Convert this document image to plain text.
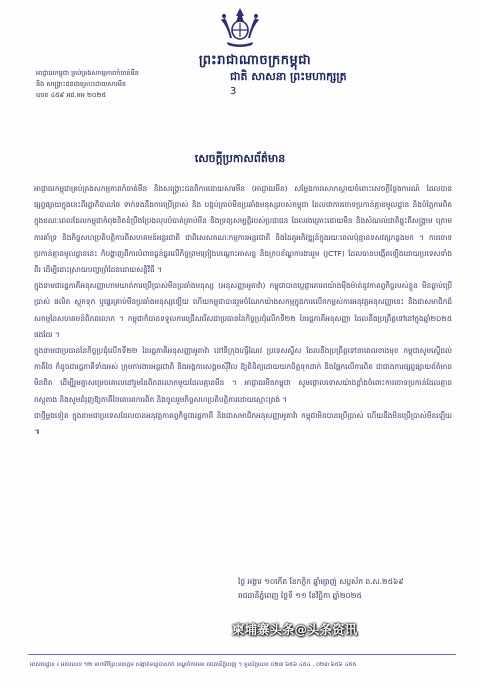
ព្រះរាជាណាចក្រកម្ពុជា
ជាតិ សាសនា ព្រះមហាក្សត្រ
3
អាជ្ញាធរកម្ពុជា គ្រប់គ្រងសកម្មភាពកំចាត់មីន
និង សង្គ្រោះជនរងគ្រោះដោយសារមីន
លេខ ៤៥៩ អជ.មអ ២០២៥
សេចក្ដីប្រកាសព័ត៌មាន

អាជ្ញាធរកម្ពុជាគ្រប់គ្រងសកម្មភាពកំចាត់មីន និងសង្គ្រោះជនពិការដោយសារមីន (អាជ្ញាធរមីន) សម្ដែងការសោកស្ដាយចំពោះសេចក្ដីថ្លែងការណ៍ ដែលបានផ្សព្វផ្សាយក្នុងនេះពីរដ្ឋាភិបាលថៃ ទាក់ទងនឹងការប្រើប្រាស់ និង បង្កប់គ្រាប់មីនប្រឆាំងមនុស្សរបស់កម្ពុជា ដែលជាការចោទប្រកាន់គ្មានមូលដ្ឋាន និងបំភ្លៃការពិត ក្នុងខណៈពេលដែលកម្ពុជាកំពុងខិតខំប្រឹងប្រែងលុបបំបាត់គ្រាប់មីន និងទ្រព្យសម្បត្តិរបស់ប្រជាជន ដែលរងគ្រោះដោយមីន និងសំណល់ជាតិផ្ទុះពីសង្គ្រាម ក្រោមការគាំទ្រ និងកិច្ចសហប្រតិបត្តិការពីសហគមន៍អន្តរជាតិ ជាពិសេសគណៈកម្មការអន្តរជាតិ និងដៃគូអភិវឌ្ឍន៍ក្នុងរយៈពេលប៉ុន្មានទសវត្សកន្លងមក ។ ការចោទប្រកាន់គ្មានមូលដ្ឋាននេះ ក៏បង្ហាញពីការបំពានធ្ងន់ធ្ងរលើកិច្ចព្រមព្រៀងបណ្ដោះអាសន្ន និងក្របខ័ណ្ឌការងាររួម (JCTF) ដែលបានបង្កើតឡើងដោយប្រទេសទាំងពីរ ដើម្បីដោះស្រាយបញ្ហាព្រំដែនដោយសន្តិវិធី ។

ក្នុងនាមជារដ្ឋភាគីអនុសញ្ញាហាមឃាត់ការប្រើប្រាស់មីនប្រឆាំងមនុស្ស (អនុសញ្ញាអូតាវ៉ា) កម្ពុជាបានប្ដេជ្ញាគោរពយ៉ាងម៉ឺងម៉ាត់នូវកាតព្វកិច្ចរបស់ខ្លួន មិនធ្លាប់ប្រើប្រាស់ ផលិត ស្ដុកទុក ឬផ្ទេរគ្រាប់មីនប្រឆាំងមនុស្សឡើយ ហើយកម្ពុជាបានរួមចំណែកយ៉ាងសកម្មក្នុងការលើកកម្ពស់ការអនុវត្តអនុសញ្ញានេះ និងជាសមាជិកដ៏សកម្មនៃសហគមន៍ពិភពលោក ។ កម្ពុជាក៏បានទទួលការជ្រើសរើសជាប្រធាននៃកិច្ចប្រជុំលើកទី២២ នៃរដ្ឋភាគីអនុសញ្ញា ដែលនឹងប្រព្រឹត្តទៅនៅក្នុងឆ្នាំ២០២៥ ផងដែរ ។

ក្នុងនាមជាប្រធាននៃកិច្ចប្រជុំលើកទី២២ នៃរដ្ឋភាគីអនុសញ្ញាអូតាវ៉ា នៅទីក្រុងហ្សឺណែវ ប្រទេសស្វីស ដែលនឹងប្រព្រឹត្តទៅនាពេលខាងមុខ កម្ពុជាសូមស្នើដល់ភាគីថៃ ក៏ដូចជារដ្ឋភាគីទាំងអស់ ក្រុមការងារអន្តរជាតិ និងអង្គការសង្គមស៊ីវិល ឱ្យពិនិត្យដោយយកចិត្តទុកដាក់ និងផ្អែកលើការពិត ជាជាងការផ្សព្វផ្សាយព័ត៌មានមិនពិត ដើម្បីរួមគ្នាសម្រេចគោលដៅរួមនៃពិភពលោកមួយដែលគ្មានមីន ។ អាជ្ញាធរមីនកម្ពុជា សូមថ្កោលទោសយ៉ាងខ្លាំងចំពោះការចោទប្រកាន់ដែលគ្មានភស្តុតាង និងសូមជំរុញឱ្យភាគីថៃគោរពការពិត និងចូលរួមកិច្ចសហប្រតិបត្តិការដោយស្មោះត្រង់ ។

ជាថ្មីម្ដងទៀត ក្នុងនាមជាប្រទេសដែលបានអនុវត្តកាតព្វកិច្ចជារដ្ឋភាគី និងជាសមាជិកអនុសញ្ញាអូតាវ៉ា កម្ពុជាមិនបានប្រើប្រាស់ ហើយនឹងមិនប្រើប្រាស់មីនឡើយ ៕

ថ្ងៃ អង្គារ ១០កើត ខែកក្ដិក ឆ្នាំម្សាញ់ សប្ដស័ក ព.ស.២៥៦៩
រាជធានីភ្នំពេញ ថ្ងៃទី ១១ ខែវិច្ឆិកា ឆ្នាំ២០២៥
柬埔寨头条@头条资讯
អាសយដ្ឋាន ៖ អគារលេខ ១២ មហាវិថីព្រះនរោត្តម សង្កាត់ទន្លេបាសាក់ ខណ្ឌចំការមន រាជធានីភ្នំពេញ ។ ទូរស័ព្ទលេខ ០២៣ ៦៥៦ ៤៥៤ , ០២៣ ៦៥៦ ៤៥៥
